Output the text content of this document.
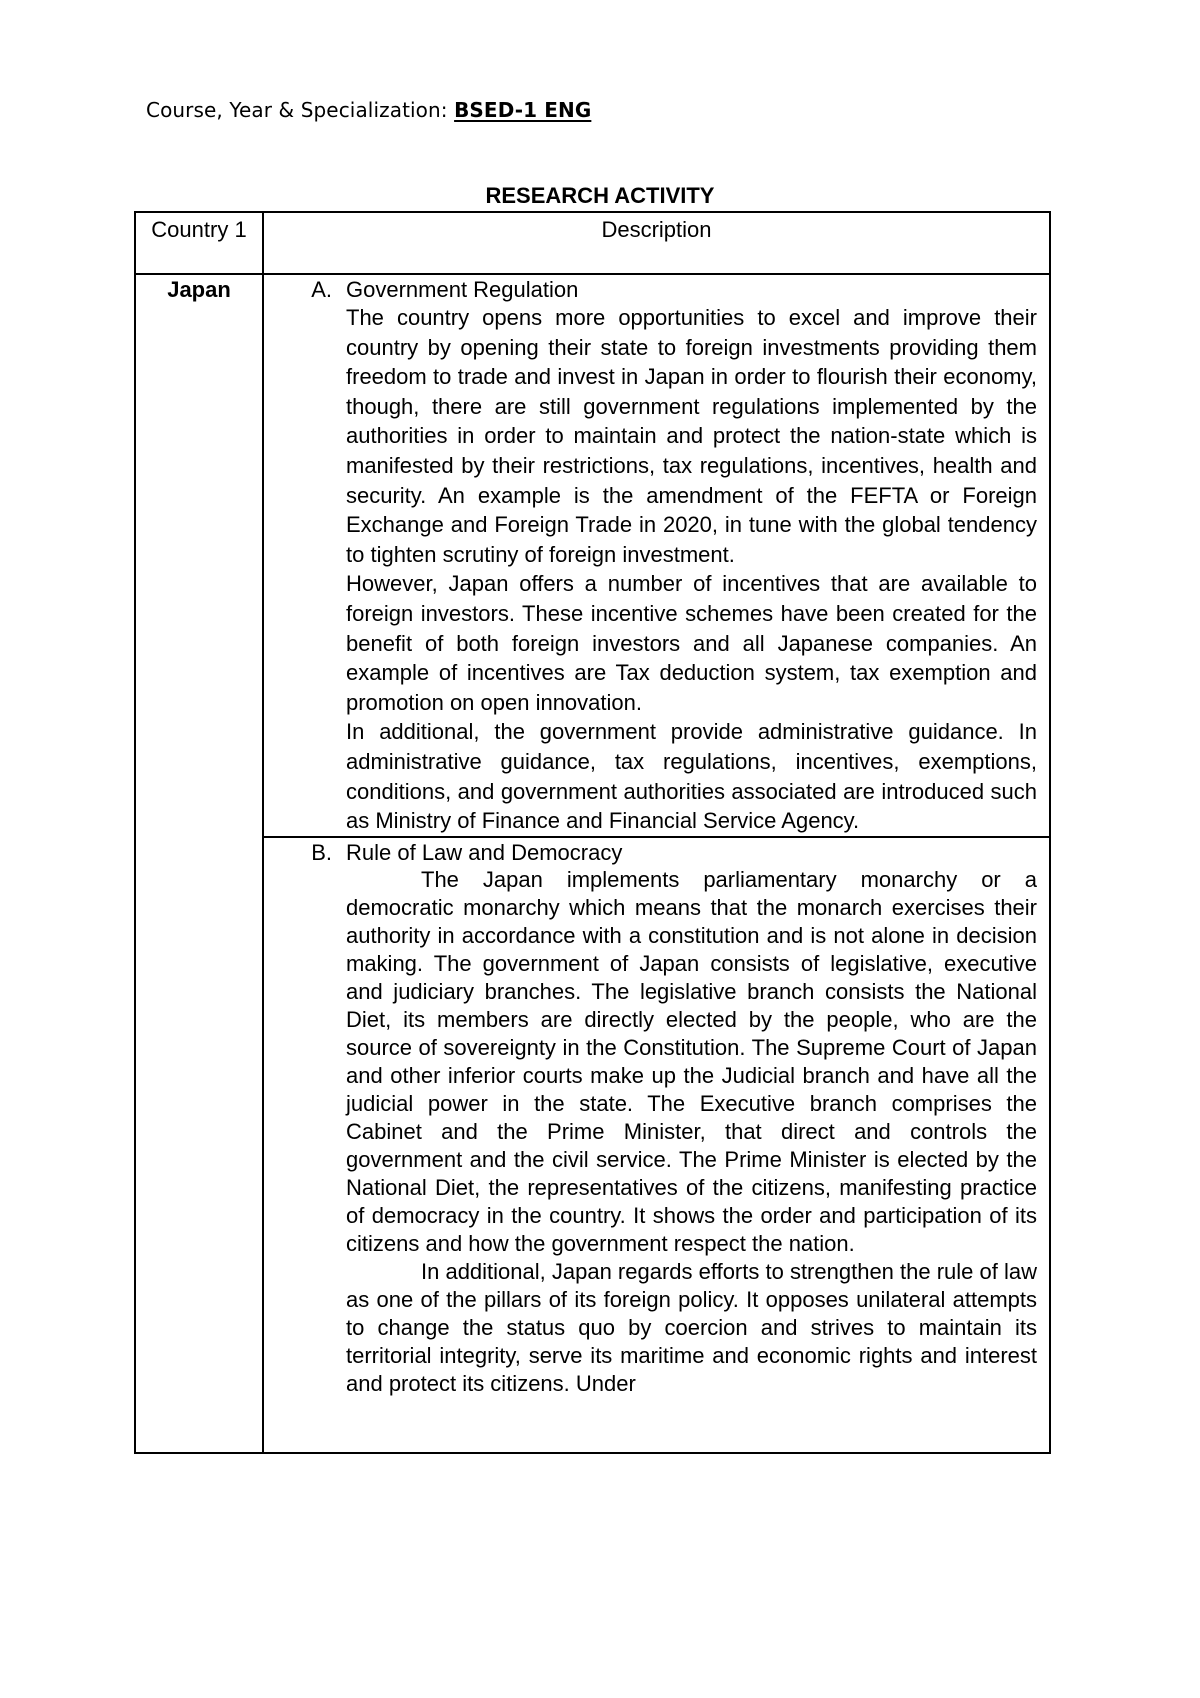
Course, Year & Specialization: BSED-1 ENG
RESEARCH ACTIVITY
Country 1	Description
Japan	A. Government Regulation

The country opens more opportunities to excel and improve their country by opening their state to foreign investments providing them freedom to trade and invest in Japan in order to flourish their economy, though, there are still government regulations implemented by the authorities in order to maintain and protect the nation-state which is manifested by their restrictions, tax regulations, incentives, health and security. An example is the amendment of the FEFTA or Foreign Exchange and Foreign Trade in 2020, in tune with the global tendency to tighten scrutiny of foreign investment.

However, Japan offers a number of incentives that are available to foreign investors. These incentive schemes have been created for the benefit of both foreign investors and all Japanese companies. An example of incentives are Tax deduction system, tax exemption and promotion on open innovation.

In additional, the government provide administrative guidance. In administrative guidance, tax regulations, incentives, exemptions, conditions, and government authorities associated are introduced such as Ministry of Finance and Financial Service Agency.

	B. Rule of Law and Democracy

The Japan implements parliamentary monarchy or a democratic monarchy which means that the monarch exercises their authority in accordance with a constitution and is not alone in decision making. The government of Japan consists of legislative, executive and judiciary branches. The legislative branch consists the National Diet, its members are directly elected by the people, who are the source of sovereignty in the Constitution. The Supreme Court of Japan and other inferior courts make up the Judicial branch and have all the judicial power in the state. The Executive branch comprises the Cabinet and the Prime Minister, that direct and controls the government and the civil service. The Prime Minister is elected by the National Diet, the representatives of the citizens, manifesting practice of democracy in the country. It shows the order and participation of its citizens and how the government respect the nation.

In additional, Japan regards efforts to strengthen the rule of law as one of the pillars of its foreign policy. It opposes unilateral attempts to change the status quo by coercion and strives to maintain its territorial integrity, serve its maritime and economic rights and interest and protect its citizens. Under
